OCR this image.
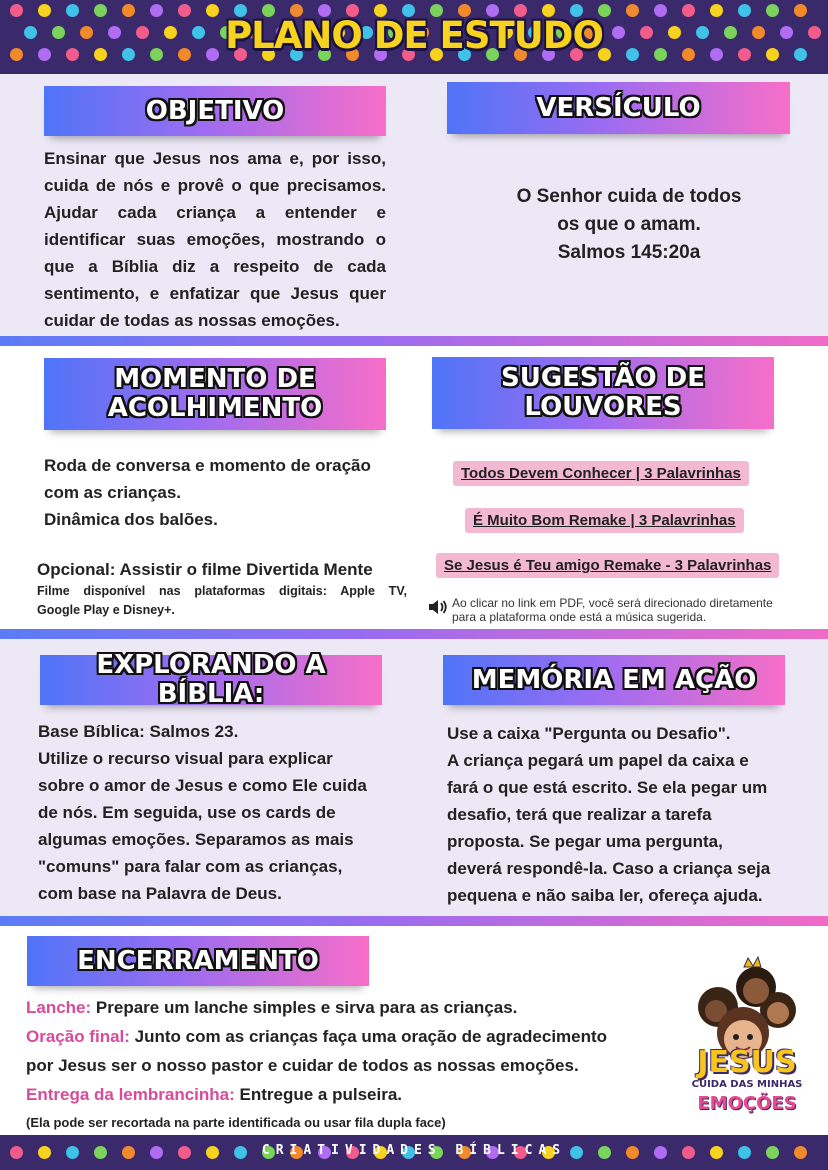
PLANO DE ESTUDO
OBJETIVO
Ensinar que Jesus nos ama e, por isso,
cuida de nós e provê o que precisamos.
Ajudar cada criança a entender e
identificar suas emoções, mostrando o
que a Bíblia diz a respeito de cada
sentimento, e enfatizar que Jesus quer
cuidar de todas as nossas emoções.
VERSÍCULO
O Senhor cuida de todos
os que o amam.
Salmos 145:20a
MOMENTO DE
ACOLHIMENTO
Roda de conversa e momento de oração
com as crianças.
Dinâmica dos balões.
Opcional: Assistir o filme Divertida Mente
Filme disponível nas plataformas digitais: Apple TV,
Google Play e Disney+.
SUGESTÃO DE
LOUVORES
Todos Devem Conhecer | 3 Palavrinhas
É Muito Bom Remake | 3 Palavrinhas
Se Jesus é Teu amigo Remake - 3 Palavrinhas
Ao clicar no link em PDF, você será direcionado diretamente
para a plataforma onde está a música sugerida.
EXPLORANDO A BÍBLIA:
Base Bíblica: Salmos 23.
Utilize o recurso visual para explicar
sobre o amor de Jesus e como Ele cuida
de nós. Em seguida, use os cards de
algumas emoções. Separamos as mais
"comuns" para falar com as crianças,
com base na Palavra de Deus.
MEMÓRIA EM AÇÃO
Use a caixa "Pergunta ou Desafio".
A criança pegará um papel da caixa e
fará o que está escrito. Se ela pegar um
desafio, terá que realizar a tarefa
proposta. Se pegar uma pergunta,
deverá respondê-la. Caso a criança seja
pequena e não saiba ler, ofereça ajuda.
ENCERRAMENTO
Lanche: Prepare um lanche simples e sirva para as crianças.
Oração final: Junto com as crianças faça uma oração de agradecimento
por Jesus ser o nosso pastor e cuidar de todos as nossas emoções.
Entrega da lembrancinha: Entregue a pulseira.
(Ela pode ser recortada na parte identificada ou usar fila dupla face)
JESUS
CUIDA DAS MINHAS
EMOÇÕES
CRIATIVIDADES BÍBLICAS
